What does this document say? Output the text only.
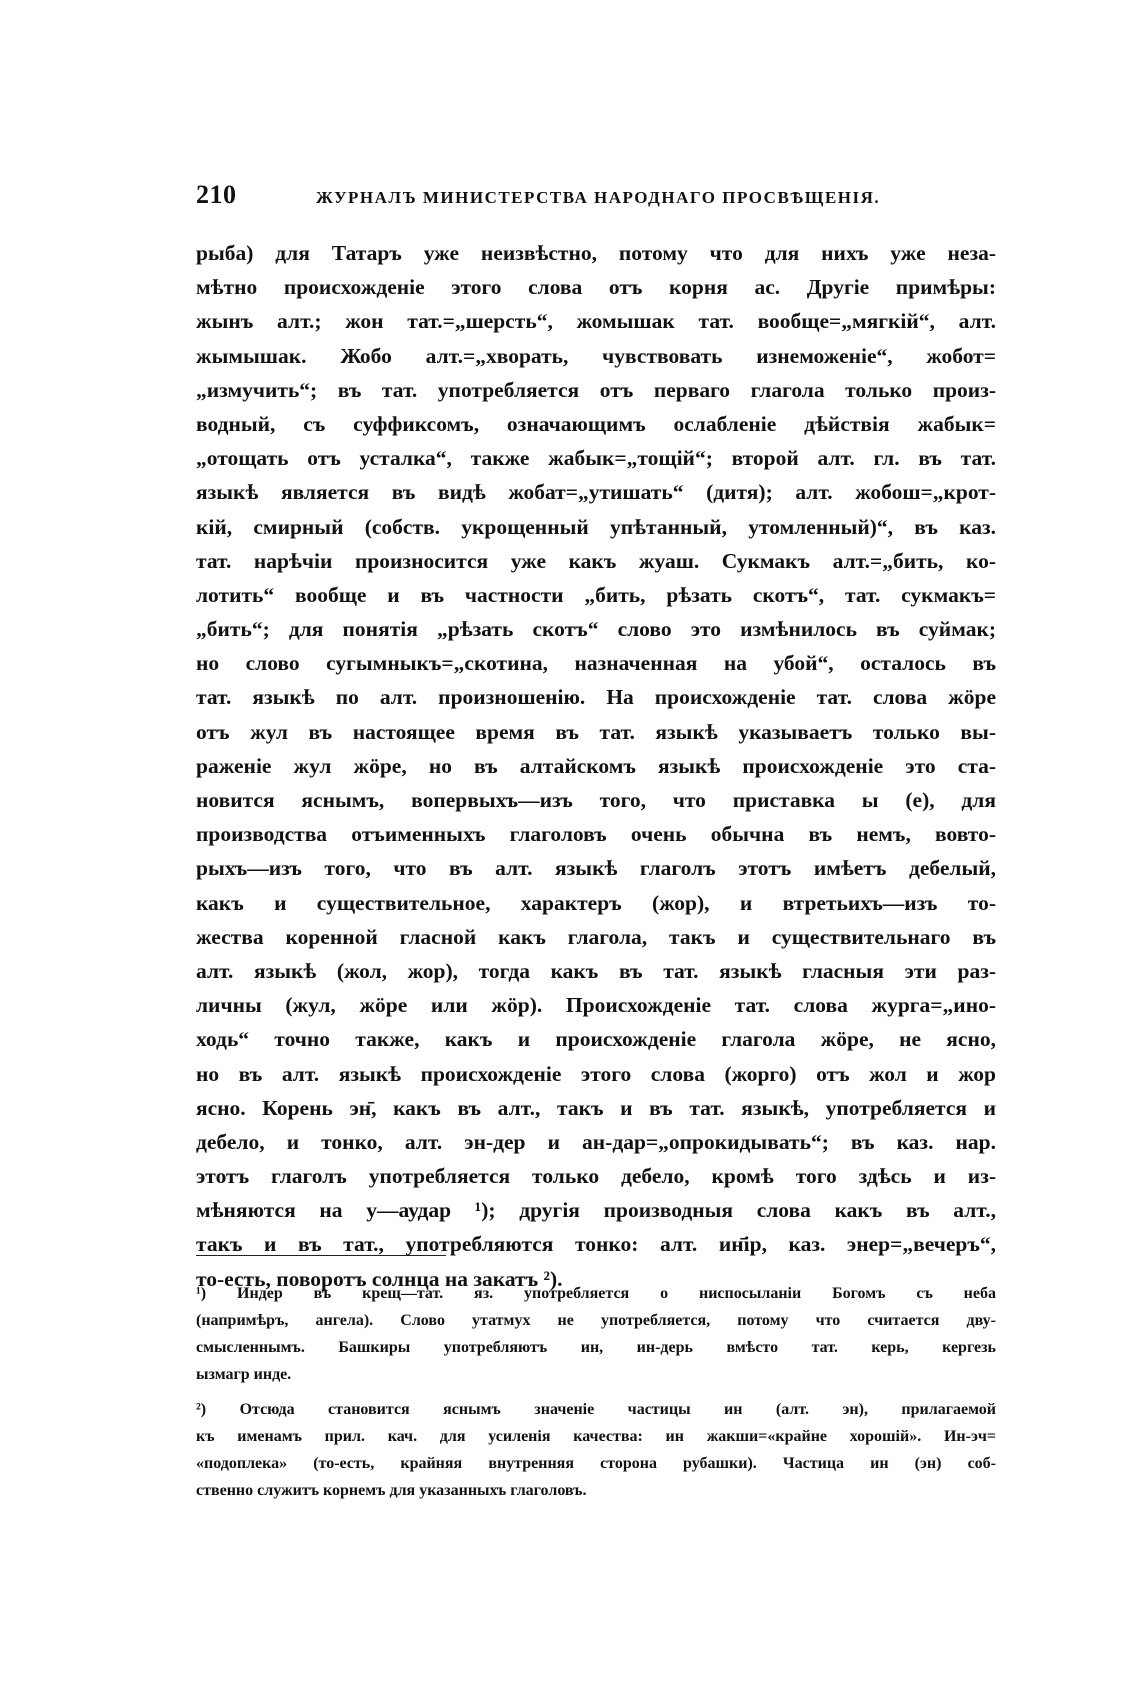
210	ЖУРНАЛЪ МИНИСТЕРСТВА НАРОДНАГО ПРОСВѢЩЕНІЯ.
рыба) для Татаръ уже неизвѣстно, потому что для нихъ уже неза-
мѣтно происхожденіе этого слова отъ корня ас. Другіе примѣры:
жынъ алт.; жон тат.=„шерсть“, жомышак тат. вообще=„мягкій“, алт.
жымышак. Жобо алт.=„хворать, чувствовать изнеможеніе“, жобот=
„измучить“; въ тат. употребляется отъ перваго глагола только произ-
водный, съ суффиксомъ, означающимъ ослабленіе дѣйствія жабык=
„отощать отъ усталка“, также жабык=„тощій“; второй алт. гл. въ тат.
языкѣ является въ видѣ жобат=„утишать“ (дитя); алт. жобош=„крот-
кій, смирный (собств. укрощенный упѣтанный, утомленный)“, въ каз.
тат. нарѣчіи произносится уже какъ жуаш. Сукмакъ алт.=„бить, ко-
лотить“ вообще и въ частности „бить, рѣзать скотъ“, тат. сукмакъ=
„бить“; для понятія „рѣзать скотъ“ слово это измѣнилось въ суймак;
но слово сугымныкъ=„скотина, назначенная на убой“, осталось въ
тат. языкѣ по алт. произношенію. На происхожденіе тат. слова жӧре
отъ жул въ настоящее время въ тат. языкѣ указываетъ только вы-
раженіе жул жӧре, но въ алтайскомъ языкѣ происхожденіе это ста-
новится яснымъ, вопервыхъ—изъ того, что приставка ы (е), для
производства отъименныхъ глаголовъ очень обычна въ немъ, вовто-
рыхъ—изъ того, что въ алт. языкѣ глаголъ этотъ имѣетъ дебелый,
какъ и существительное, характеръ (жор), и втретьихъ—изъ то-
жества коренной гласной какъ глагола, такъ и существительнаго въ
алт. языкѣ (жол, жор), тогда какъ въ тат. языкѣ гласныя эти раз-
личны (жул, жӧре или жӧр). Происхожденіе тат. слова журга=„ино-
ходь“ точно также, какъ и происхожденіе глагола жӧре, не ясно,
но въ алт. языкѣ происхожденіе этого слова (жорго) отъ жол и жор
ясно. Корень эн̄, какъ въ алт., такъ и въ тат. языкѣ, употребляется и
дебело, и тонко, алт. эн-дер и ан-дар=„опрокидывать“; въ каз. нар.
этотъ глаголъ употребляется только дебело, кромѣ того здѣсь и из-
мѣняются на у—аудар ¹); другія производныя слова какъ въ алт.,
такъ и въ тат., употребляются тонко: алт. ин̄ір, каз. энер=„вечеръ“,
то-есть, поворотъ солнца на закатъ ²).
¹) Индер въ крещ—тат. яз. употребляется о ниспосыланіи Богомъ съ неба
(напримѣръ, ангела). Слово утатмух не употребляется, потому что считается дву-
смысленнымъ. Башкиры употребляютъ ин, ин-дерь вмѣсто тат. керь, кергезь
ызмагр инде.
²) Отсюда становится яснымъ значеніе частицы ин (алт. эн), прилагаемой
къ именамъ прил. кач. для усиленія качества: ин жакши=«крайне хорошій». Ин-эч=
«подоплека» (то-есть, крайняя внутренняя сторона рубашки). Частица ин (эн) соб-
ственно служитъ корнемъ для указанныхъ глаголовъ.
